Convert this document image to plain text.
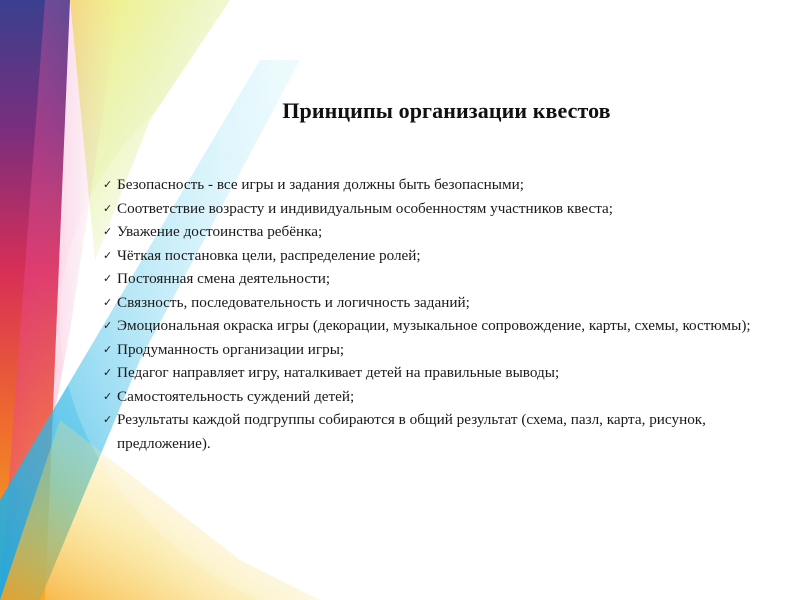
Принципы организации квестов
✓ Безопасность - все игры и задания должны быть безопасными;
✓ Соответствие возрасту и индивидуальным особенностям участников квеста;
✓ Уважение достоинства ребёнка;
✓ Чёткая постановка цели, распределение ролей;
✓ Постоянная смена деятельности;
✓ Связность, последовательность и логичность заданий;
✓ Эмоциональная окраска игры (декорации, музыкальное сопровождение, карты, схемы, костюмы);
✓ Продуманность организации игры;
✓ Педагог направляет игру, наталкивает детей на правильные выводы;
✓ Самостоятельность суждений детей;
✓ Результаты каждой подгруппы собираются в общий результат (схема, пазл, карта, рисунок, предложение).
